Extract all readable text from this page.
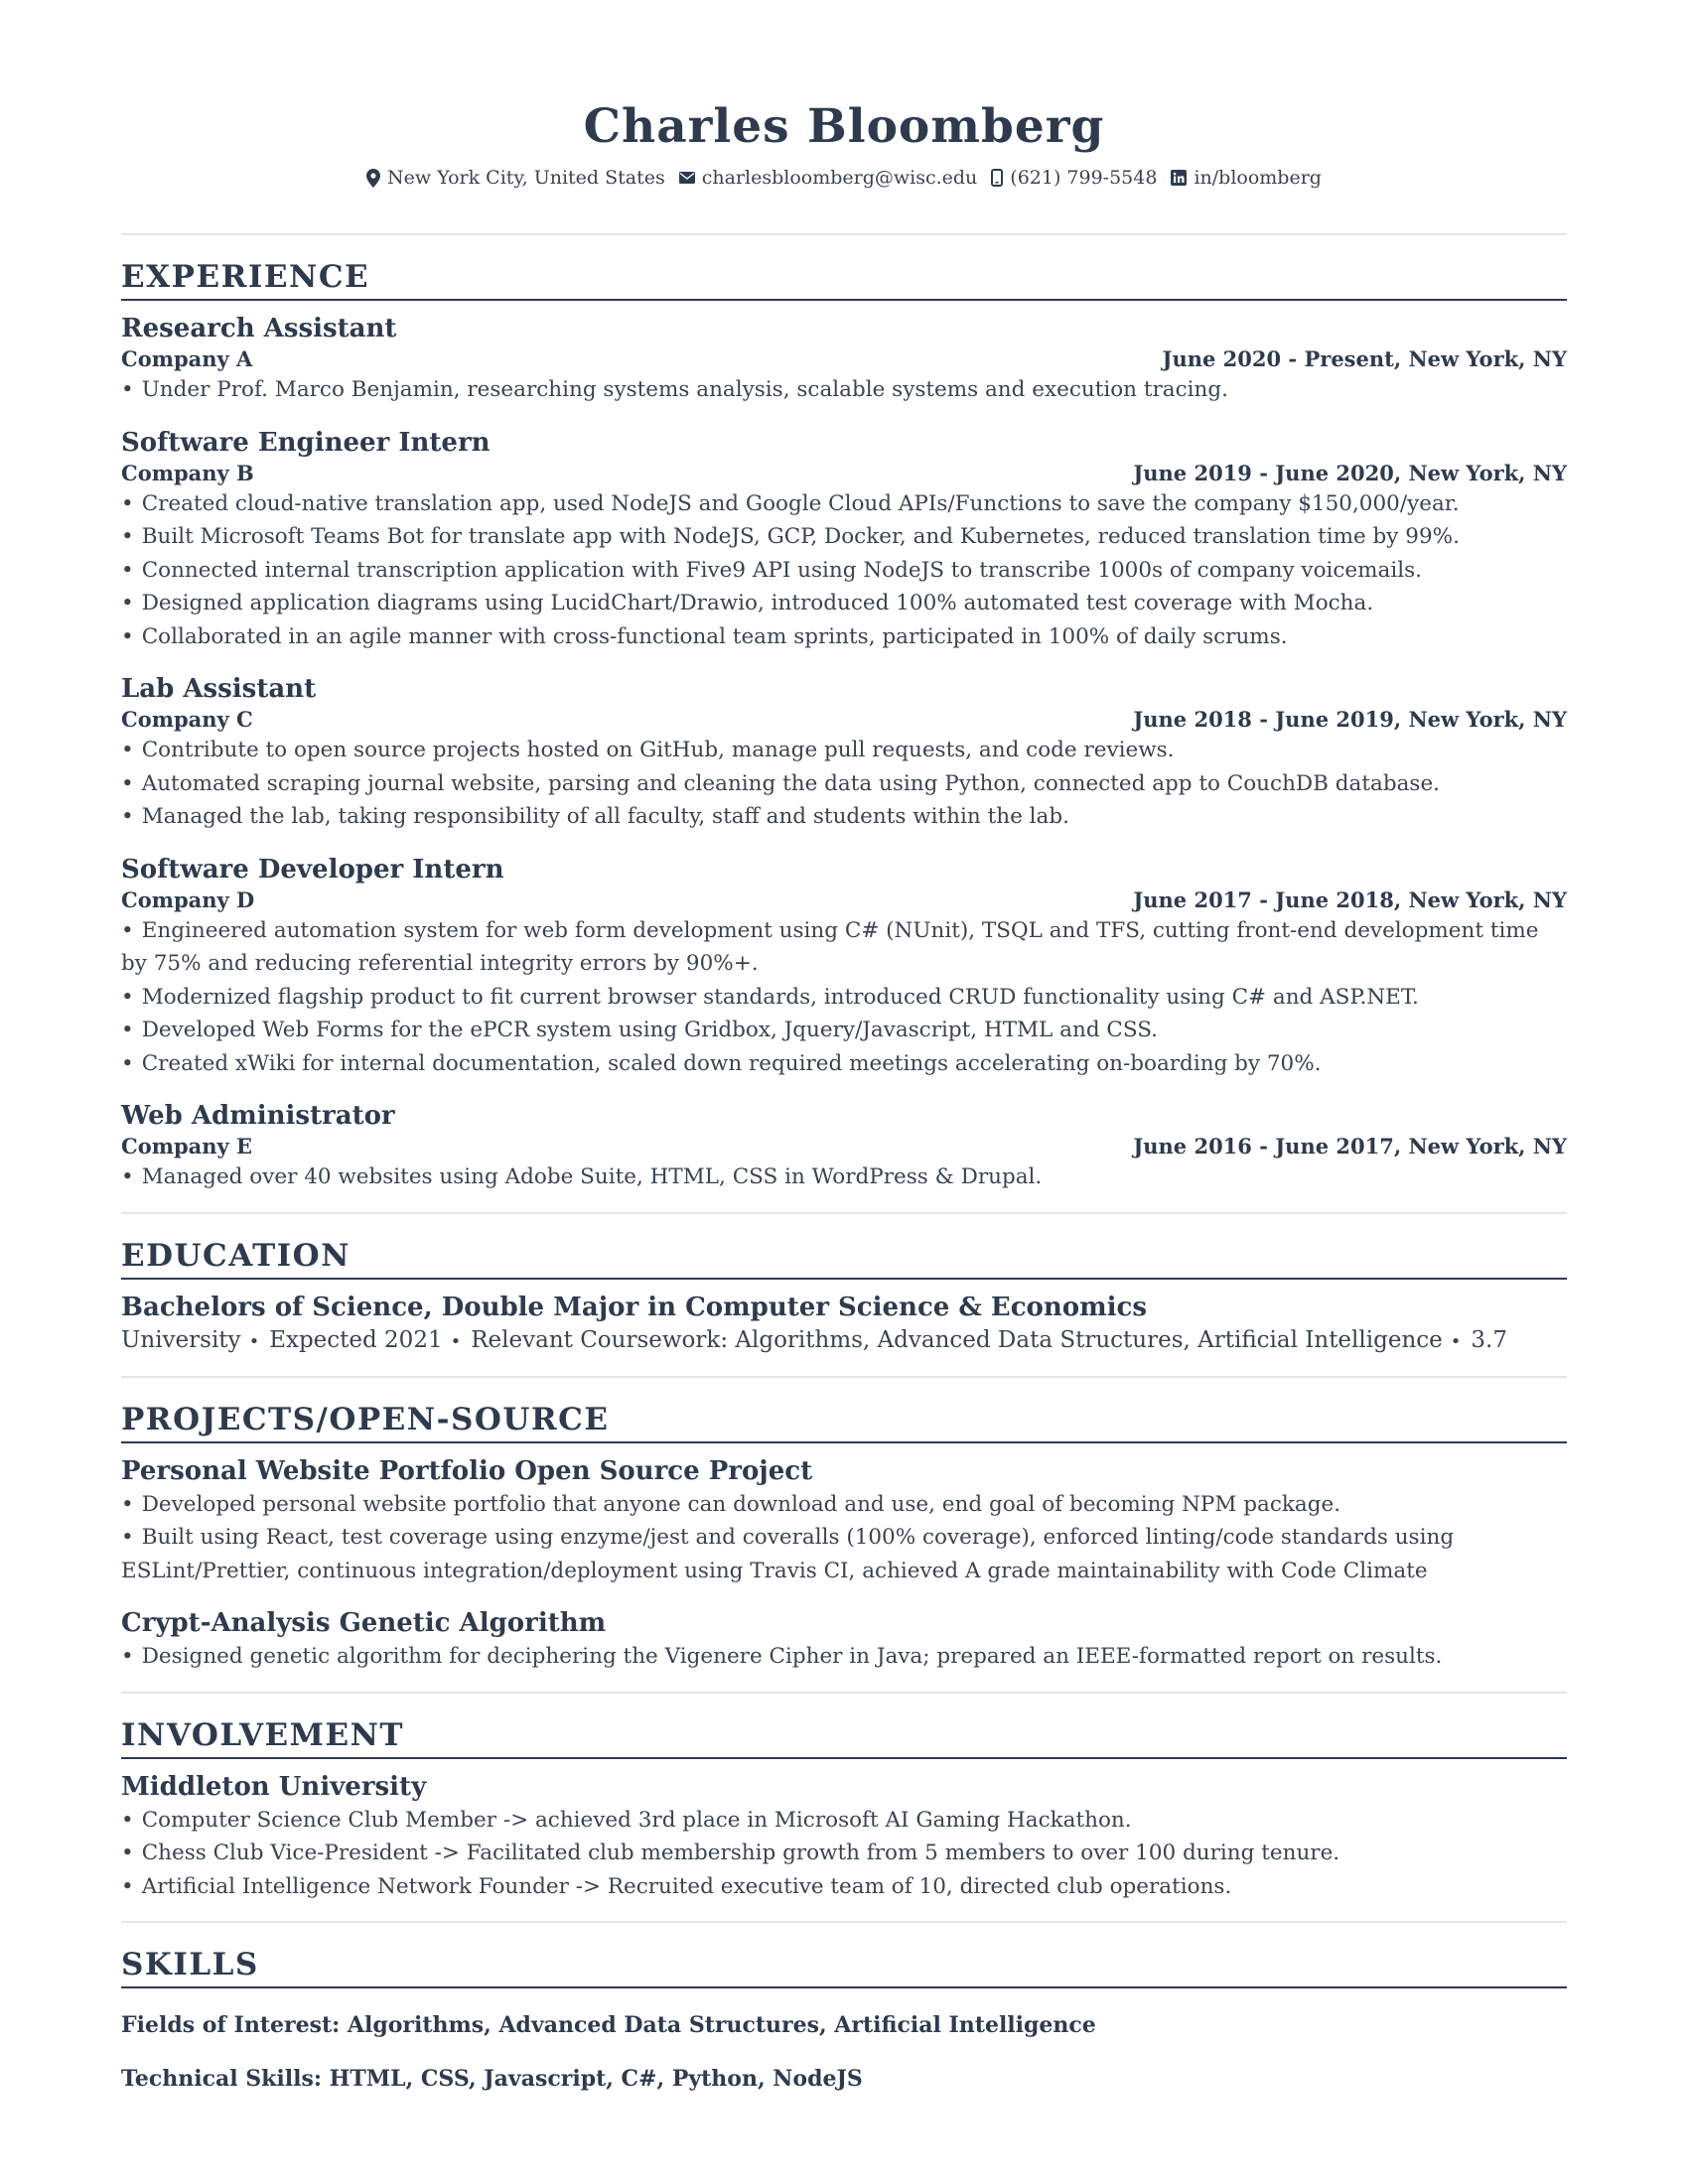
Charles Bloomberg
New York City, United States charlesbloomberg@wisc.edu (621) 799-5548 in/bloomberg
EXPERIENCE
Research Assistant
Company A	June 2020 - Present, New York, NY
• Under Prof. Marco Benjamin, researching systems analysis, scalable systems and execution tracing.
Software Engineer Intern
Company B	June 2019 - June 2020, New York, NY
• Created cloud-native translation app, used NodeJS and Google Cloud APIs/Functions to save the company $150,000/year.
• Built Microsoft Teams Bot for translate app with NodeJS, GCP, Docker, and Kubernetes, reduced translation time by 99%.
• Connected internal transcription application with Five9 API using NodeJS to transcribe 1000s of company voicemails.
• Designed application diagrams using LucidChart/Drawio, introduced 100% automated test coverage with Mocha.
• Collaborated in an agile manner with cross-functional team sprints, participated in 100% of daily scrums.
Lab Assistant
Company C	June 2018 - June 2019, New York, NY
• Contribute to open source projects hosted on GitHub, manage pull requests, and code reviews.
• Automated scraping journal website, parsing and cleaning the data using Python, connected app to CouchDB database.
• Managed the lab, taking responsibility of all faculty, staff and students within the lab.
Software Developer Intern
Company D	June 2017 - June 2018, New York, NY
• Engineered automation system for web form development using C# (NUnit), TSQL and TFS, cutting front-end development time by 75% and reducing referential integrity errors by 90%+.
• Modernized flagship product to fit current browser standards, introduced CRUD functionality using C# and ASP.NET.
• Developed Web Forms for the ePCR system using Gridbox, Jquery/Javascript, HTML and CSS.
• Created xWiki for internal documentation, scaled down required meetings accelerating on-boarding by 70%.
Web Administrator
Company E	June 2016 - June 2017, New York, NY
• Managed over 40 websites using Adobe Suite, HTML, CSS in WordPress & Drupal.
EDUCATION
Bachelors of Science, Double Major in Computer Science & Economics
University • Expected 2021 • Relevant Coursework: Algorithms, Advanced Data Structures, Artificial Intelligence • 3.7
PROJECTS/OPEN-SOURCE
Personal Website Portfolio Open Source Project
• Developed personal website portfolio that anyone can download and use, end goal of becoming NPM package.
• Built using React, test coverage using enzyme/jest and coveralls (100% coverage), enforced linting/code standards using ESLint/Prettier, continuous integration/deployment using Travis CI, achieved A grade maintainability with Code Climate
Crypt-Analysis Genetic Algorithm
• Designed genetic algorithm for deciphering the Vigenere Cipher in Java; prepared an IEEE-formatted report on results.
INVOLVEMENT
Middleton University
• Computer Science Club Member -> achieved 3rd place in Microsoft AI Gaming Hackathon.
• Chess Club Vice-President -> Facilitated club membership growth from 5 members to over 100 during tenure.
• Artificial Intelligence Network Founder -> Recruited executive team of 10, directed club operations.
SKILLS
Fields of Interest: Algorithms, Advanced Data Structures, Artificial Intelligence
Technical Skills: HTML, CSS, Javascript, C#, Python, NodeJS
